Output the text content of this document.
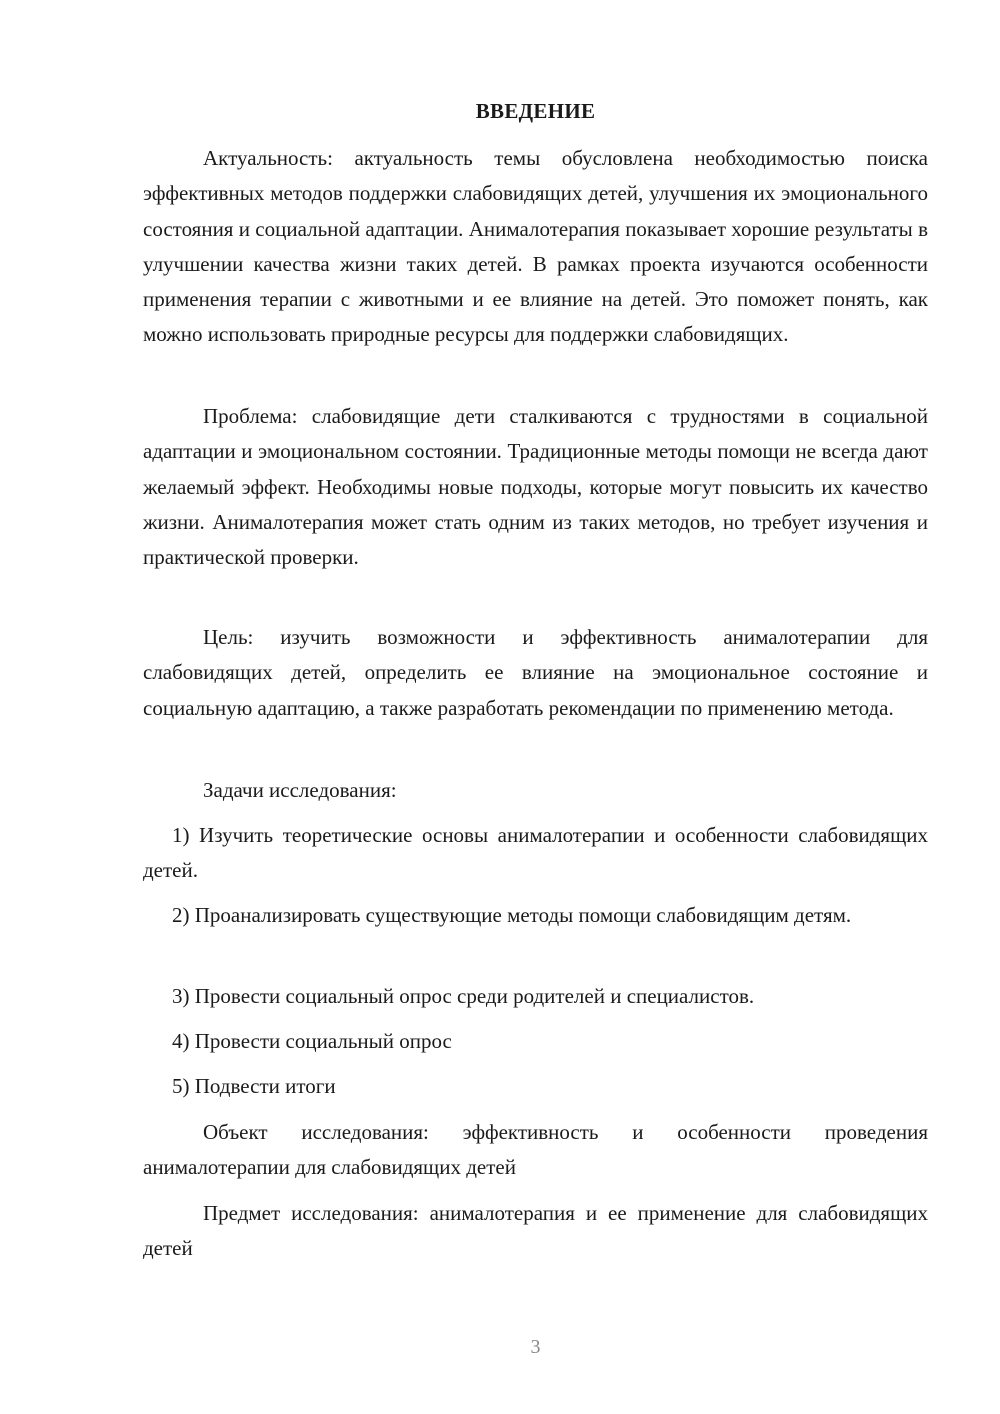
ВВЕДЕНИЕ

Актуальность: актуальность темы обусловлена необходимостью поиска эффективных методов поддержки слабовидящих детей, улучшения их эмоционального состояния и социальной адаптации. Анималотерапия показывает хорошие результаты в улучшении качества жизни таких детей. В рамках проекта изучаются особенности применения терапии с животными и ее влияние на детей. Это поможет понять, как можно использовать природные ресурсы для поддержки слабовидящих.

Проблема: слабовидящие дети сталкиваются с трудностями в социальной адаптации и эмоциональном состоянии. Традиционные методы помощи не всегда дают желаемый эффект. Необходимы новые подходы, которые могут повысить их качество жизни. Анималотерапия может стать одним из таких методов, но требует изучения и практической проверки.

Цель: изучить возможности и эффективность анималотерапии для слабовидящих детей, определить ее влияние на эмоциональное состояние и социальную адаптацию, а также разработать рекомендации по применению метода.

Задачи исследования:

1) Изучить теоретические основы анималотерапии и особенности слабовидящих детей.

2) Проанализировать существующие методы помощи слабовидящим детям.

3) Провести социальный опрос среди родителей и специалистов.

4) Провести социальный опрос

5) Подвести итоги

Объект исследования: эффективность и особенности проведения анималотерапии для слабовидящих детей

Предмет исследования: анималотерапия и ее применение для слабовидящих детей

3
